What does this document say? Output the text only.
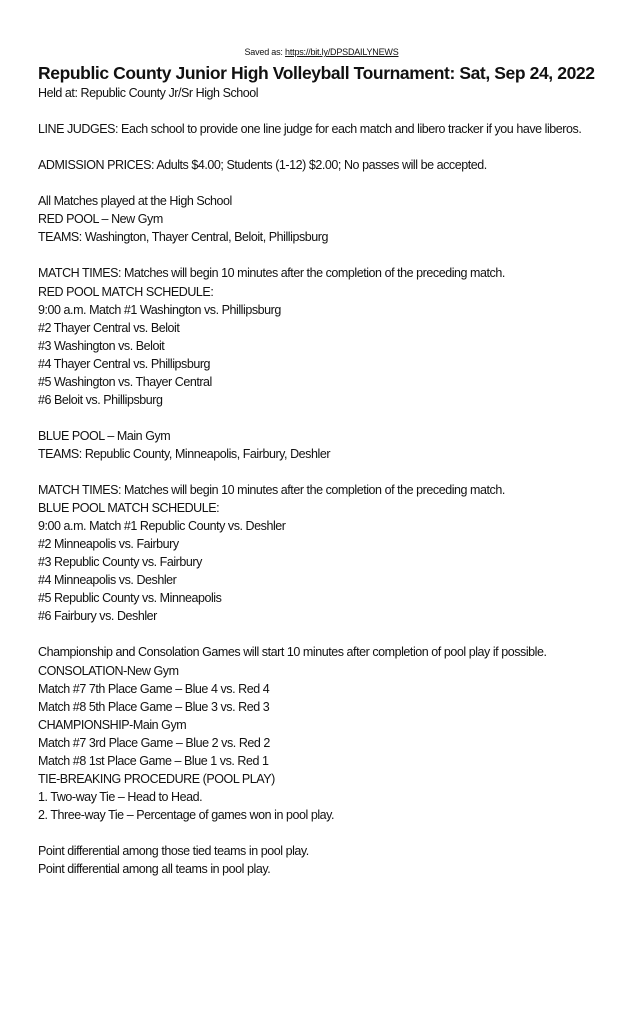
Saved as: https://bit.ly/DPSDAILYNEWS
Republic County Junior High Volleyball Tournament: Sat, Sep 24, 2022
Held at: Republic County Jr/Sr High School
LINE JUDGES: Each school to provide one line judge for each match and libero tracker if you have liberos.
ADMISSION PRICES: Adults $4.00; Students (1-12) $2.00; No passes will be accepted.
All Matches played at the High School
RED POOL – New Gym
TEAMS: Washington, Thayer Central, Beloit, Phillipsburg
MATCH TIMES: Matches will begin 10 minutes after the completion of the preceding match.
RED POOL MATCH SCHEDULE:
9:00 a.m. Match #1 Washington vs. Phillipsburg
#2 Thayer Central vs. Beloit
#3 Washington vs. Beloit
#4 Thayer Central vs. Phillipsburg
#5 Washington vs. Thayer Central
#6 Beloit vs. Phillipsburg
BLUE POOL – Main Gym
TEAMS: Republic County, Minneapolis, Fairbury, Deshler
MATCH TIMES: Matches will begin 10 minutes after the completion of the preceding match.
BLUE POOL MATCH SCHEDULE:
9:00 a.m. Match #1 Republic County vs. Deshler
#2 Minneapolis vs. Fairbury
#3 Republic County vs. Fairbury
#4 Minneapolis vs. Deshler
#5 Republic County vs. Minneapolis
#6 Fairbury vs. Deshler
Championship and Consolation Games will start 10 minutes after completion of pool play if possible.
CONSOLATION-New Gym
Match #7 7th Place Game – Blue 4 vs. Red 4
Match #8 5th Place Game – Blue 3 vs. Red 3
CHAMPIONSHIP-Main Gym
Match #7 3rd Place Game – Blue 2 vs. Red 2
Match #8 1st Place Game – Blue 1 vs. Red 1
TIE-BREAKING PROCEDURE (POOL PLAY)
1. Two-way Tie – Head to Head.
2. Three-way Tie – Percentage of games won in pool play.
Point differential among those tied teams in pool play.
Point differential among all teams in pool play.
